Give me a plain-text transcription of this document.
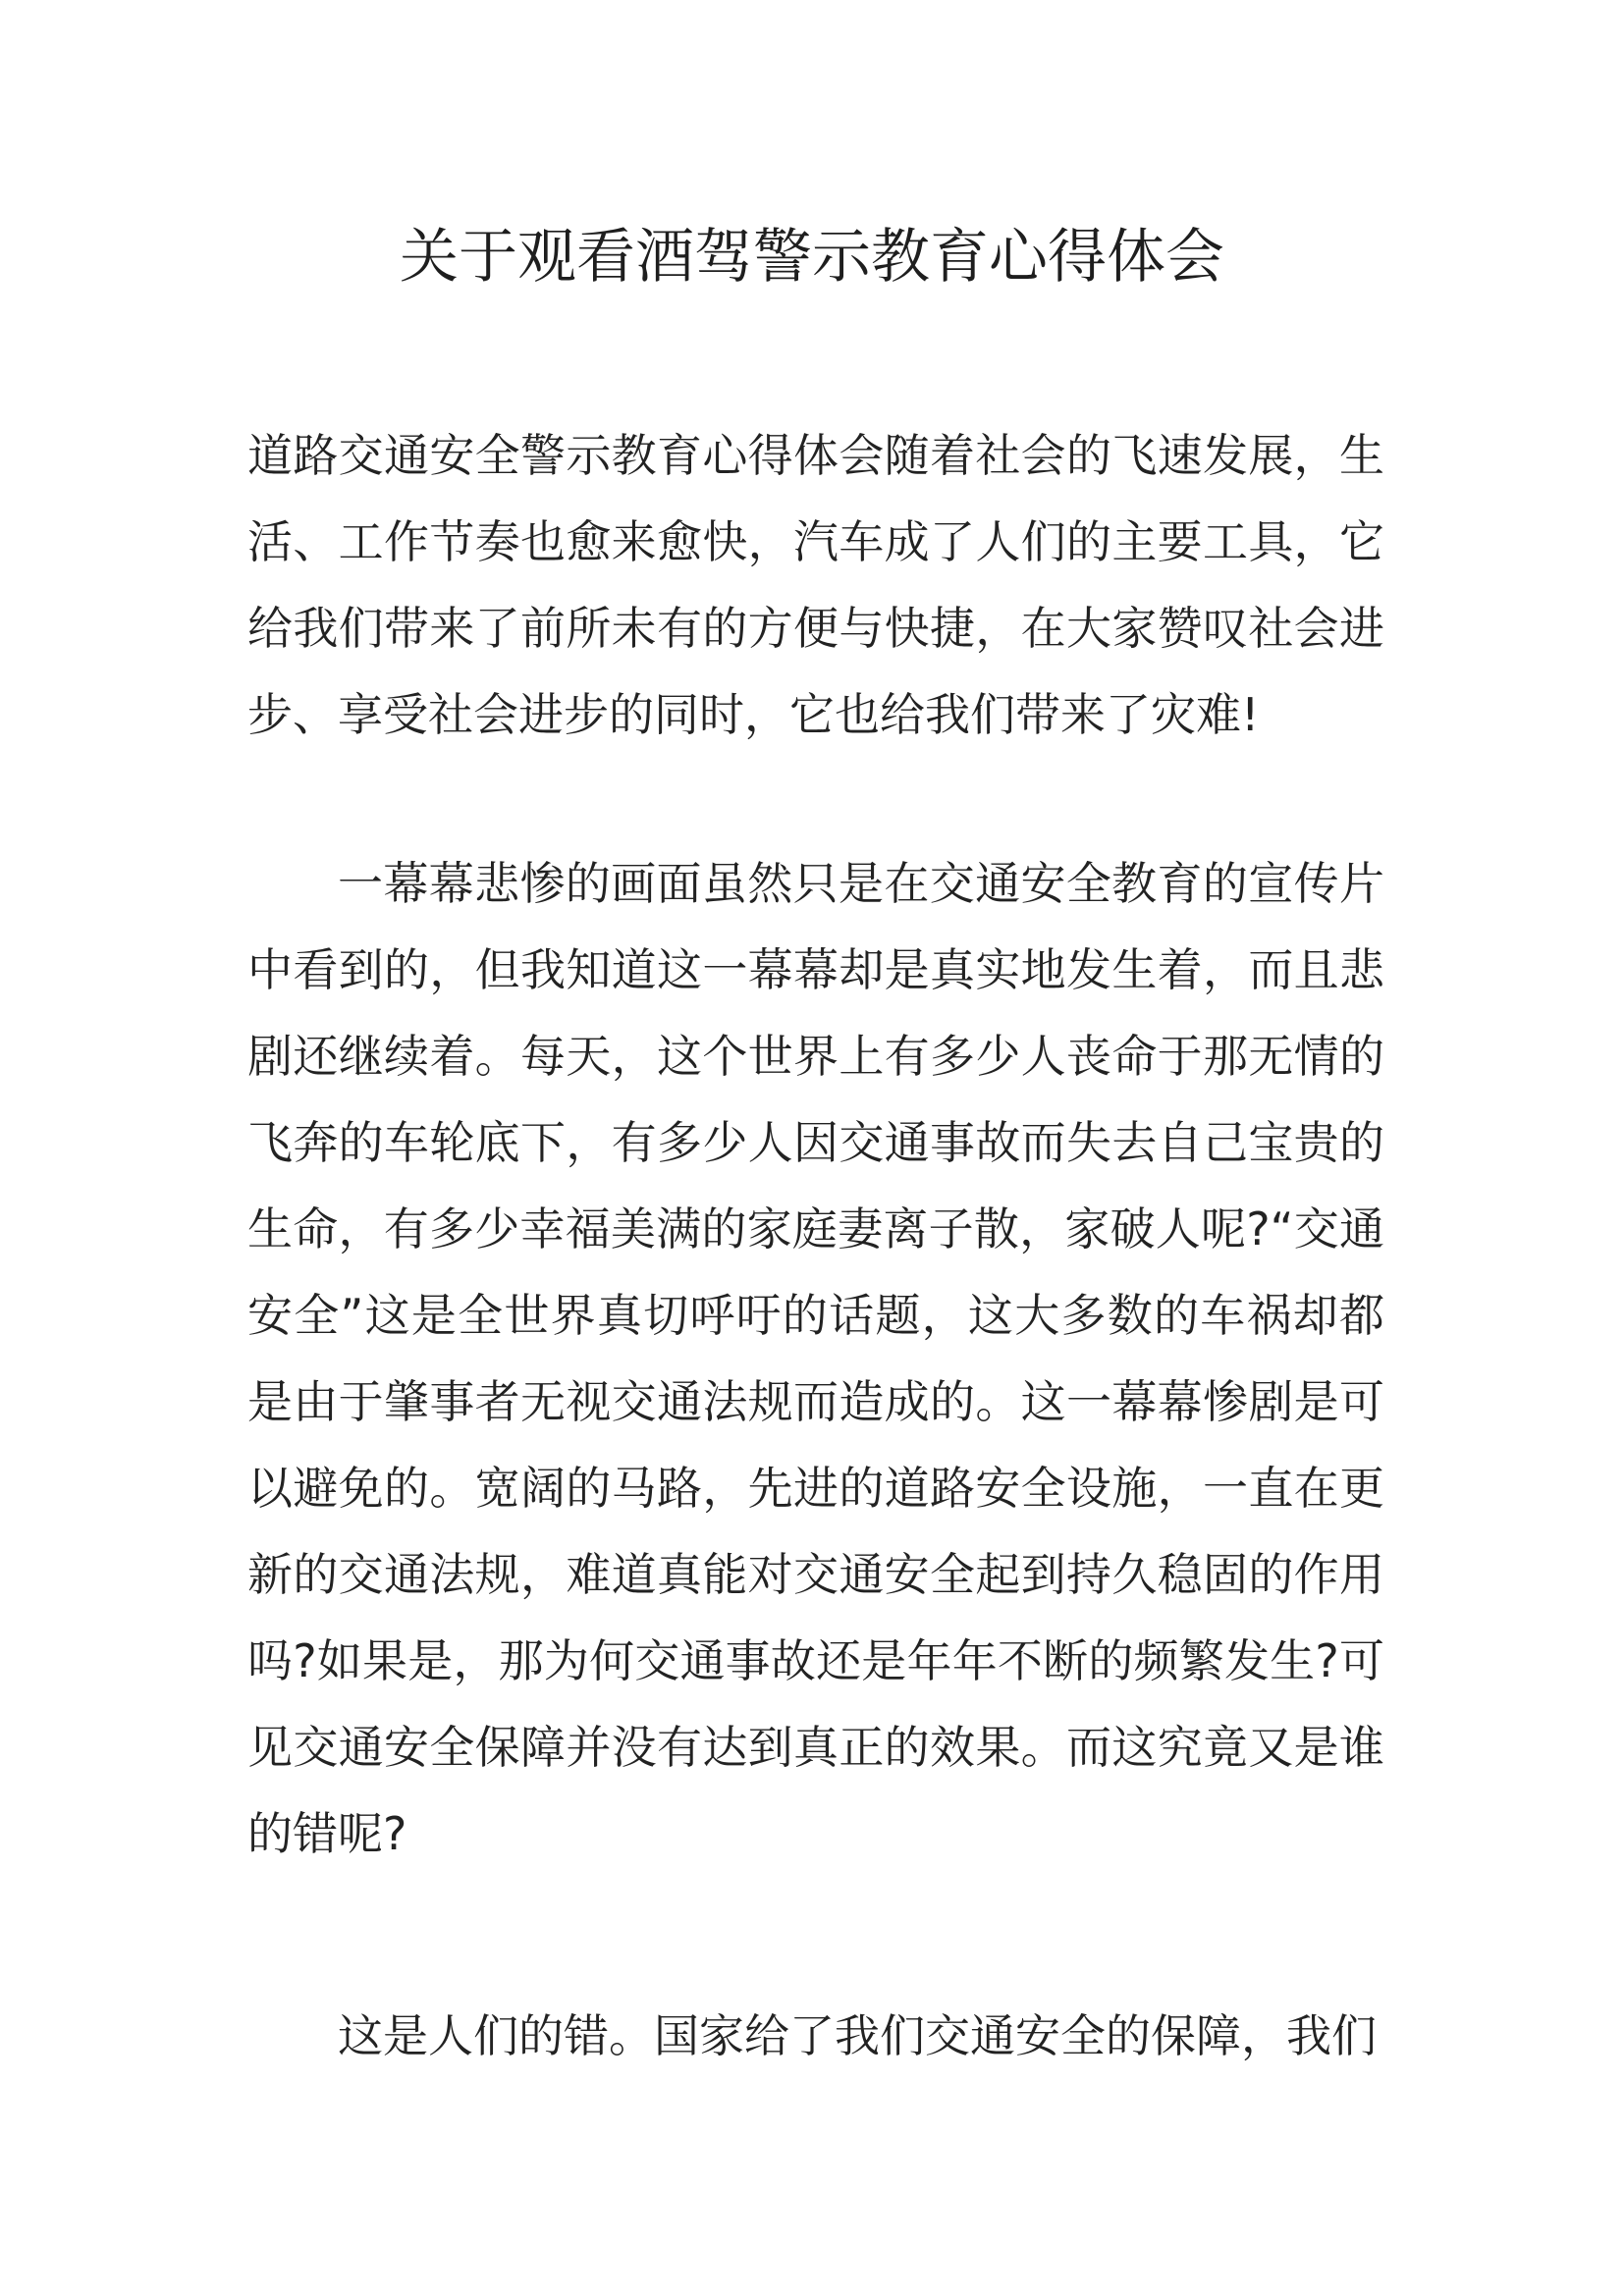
关于观看酒驾警示教育心得体会

道路交通安全警示教育心得体会随着社会的飞速发展，生活、工作节奏也愈来愈快，汽车成了人们的主要工具，它给我们带来了前所未有的方便与快捷，在大家赞叹社会进步、享受社会进步的同时，它也给我们带来了灾难!

一幕幕悲惨的画面虽然只是在交通安全教育的宣传片中看到的，但我知道这一幕幕却是真实地发生着，而且悲剧还继续着。每天，这个世界上有多少人丧命于那无情的飞奔的车轮底下，有多少人因交通事故而失去自己宝贵的生命，有多少幸福美满的家庭妻离子散，家破人呢?“交通安全”这是全世界真切呼吁的话题，这大多数的车祸却都是由于肇事者无视交通法规而造成的。这一幕幕惨剧是可以避免的。宽阔的马路，先进的道路安全设施，一直在更新的交通法规，难道真能对交通安全起到持久稳固的作用吗?如果是，那为何交通事故还是年年不断的频繁发生?可见交通安全保障并没有达到真正的效果。而这究竟又是谁的错呢?

这是人们的错。国家给了我们交通安全的保障，我们
